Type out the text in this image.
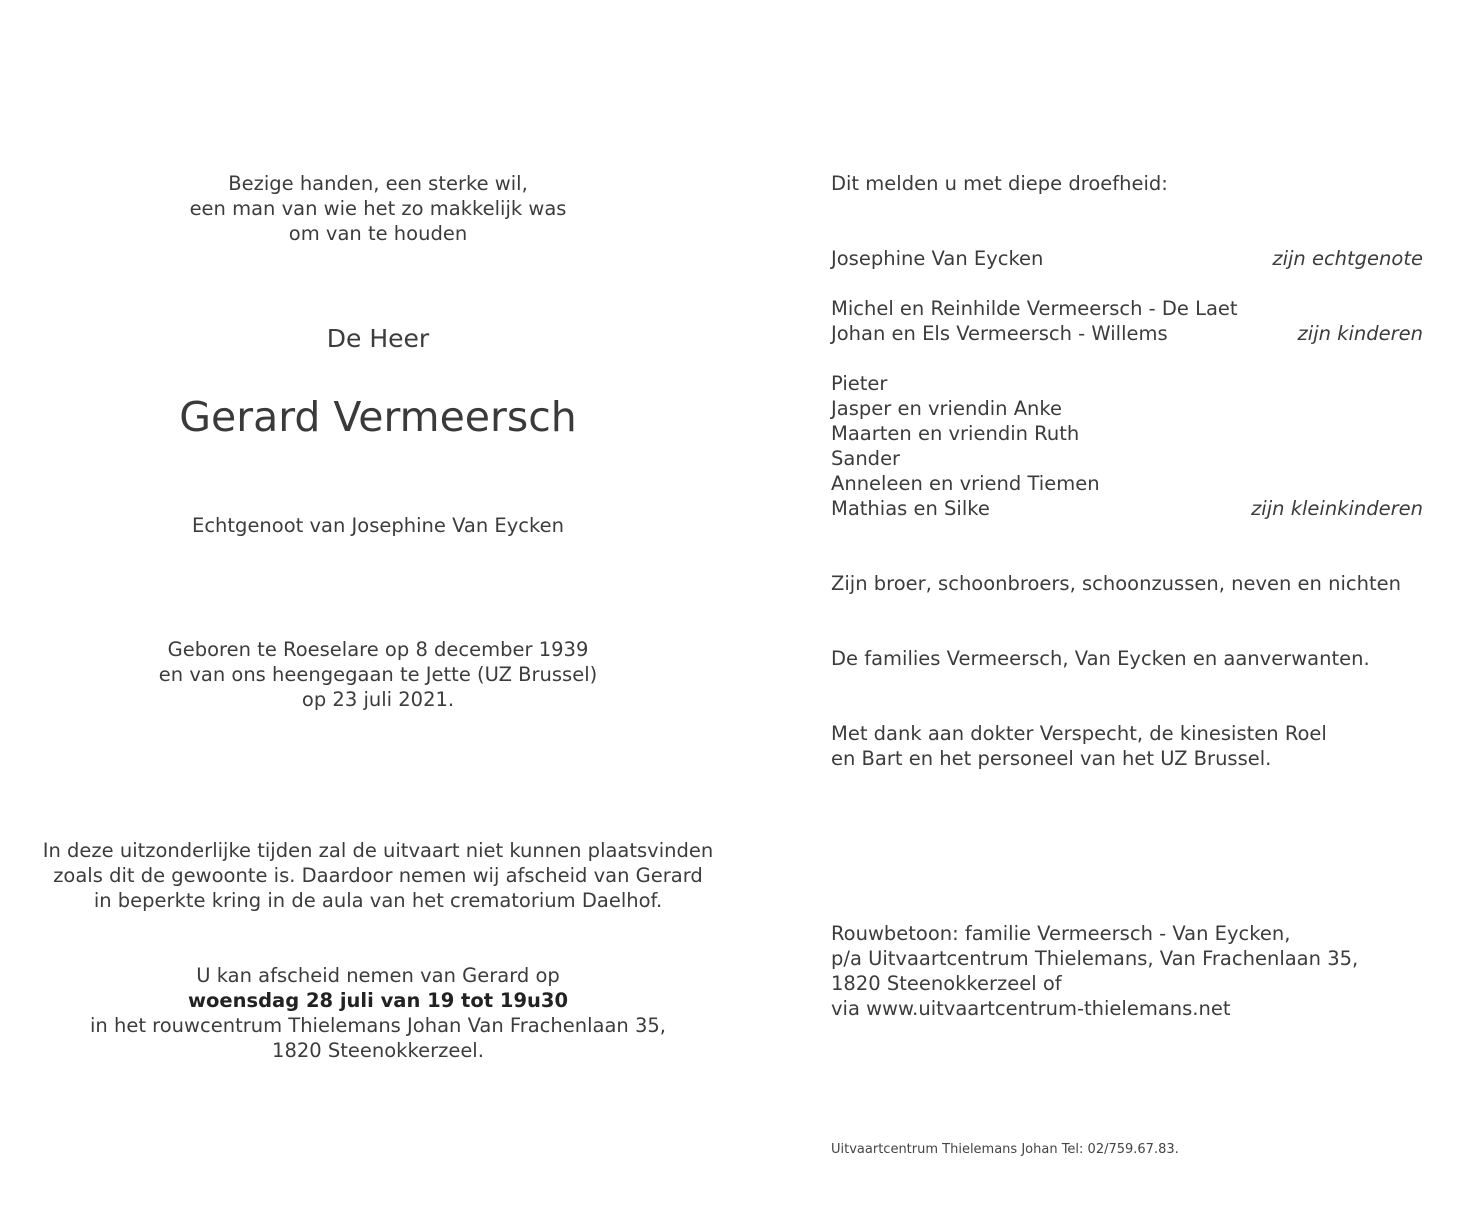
Bezige handen, een sterke wil,
een man van wie het zo makkelijk was
om van te houden
De Heer
Gerard Vermeersch
Echtgenoot van Josephine Van Eycken
Geboren te Roeselare op 8 december 1939
en van ons heengegaan te Jette (UZ Brussel)
op 23 juli 2021.
In deze uitzonderlijke tijden zal de uitvaart niet kunnen plaatsvinden
zoals dit de gewoonte is. Daardoor nemen wij afscheid van Gerard
in beperkte kring in de aula van het crematorium Daelhof.
U kan afscheid nemen van Gerard op
woensdag 28 juli van 19 tot 19u30
in het rouwcentrum Thielemans Johan Van Frachenlaan 35,
1820 Steenokkerzeel.
Dit melden u met diepe droefheid:
Josephine Van Eycken	zijn echtgenote
Michel en Reinhilde Vermeersch - De Laet
Johan en Els Vermeersch - Willems	zijn kinderen
Pieter
Jasper en vriendin Anke
Maarten en vriendin Ruth
Sander
Anneleen en vriend Tiemen
Mathias en Silke	zijn kleinkinderen
Zijn broer, schoonbroers, schoonzussen, neven en nichten
De families Vermeersch, Van Eycken en aanverwanten.
Met dank aan dokter Verspecht, de kinesisten Roel
en Bart en het personeel van het UZ Brussel.
Rouwbetoon: familie Vermeersch - Van Eycken,
p/a Uitvaartcentrum Thielemans, Van Frachenlaan 35,
1820 Steenokkerzeel of
via www.uitvaartcentrum-thielemans.net
Uitvaartcentrum Thielemans Johan Tel: 02/759.67.83.
